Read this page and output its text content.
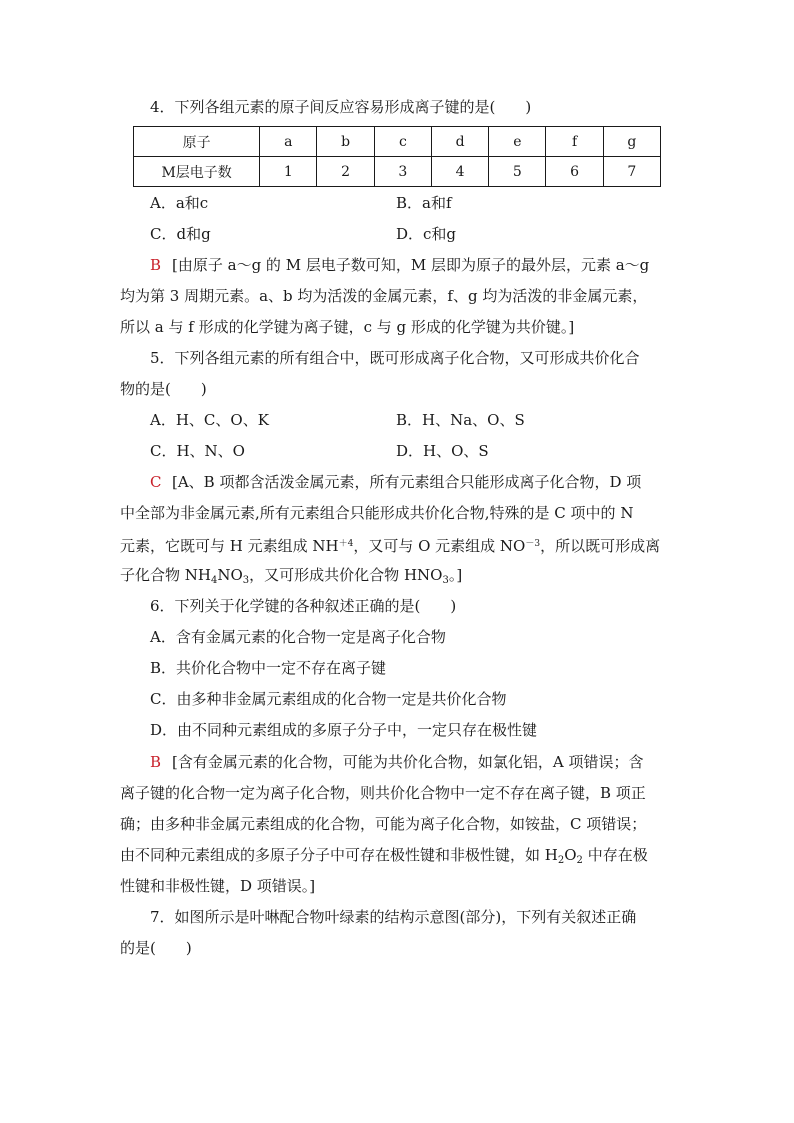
4．下列各组元素的原子间反应容易形成离子键的是(　　)
原子	a	b	c	d	e	f	g
M层电子数	1	2	3	4	5	6	7
A．a和c	B．a和f
C．d和g	D．c和g
B [由原子 a～g 的 M 层电子数可知，M 层即为原子的最外层，元素 a～g
均为第 3 周期元素。a、b 均为活泼的金属元素，f、g 均为活泼的非金属元素，
所以 a 与 f 形成的化学键为离子键，c 与 g 形成的化学键为共价键。]
5．下列各组元素的所有组合中，既可形成离子化合物，又可形成共价化合
物的是(　　)
A．H、C、O、K	B．H、Na、O、S
C．H、N、O	D．H、O、S
C [A、B 项都含活泼金属元素，所有元素组合只能形成离子化合物，D 项
中全部为非金属元素,所有元素组合只能形成共价化合物,特殊的是 C 项中的 N
元素，它既可与 H 元素组成 $NH^{+4}$，又可与 O 元素组成 $NO^{-3}$，所以既可形成离
子化合物 $NH_4NO_3$，又可形成共价化合物 $HNO_3$。]
6．下列关于化学键的各种叙述正确的是(　　)
A．含有金属元素的化合物一定是离子化合物
B．共价化合物中一定不存在离子键
C．由多种非金属元素组成的化合物一定是共价化合物
D．由不同种元素组成的多原子分子中，一定只存在极性键
B [含有金属元素的化合物，可能为共价化合物，如氯化铝，A 项错误；含
离子键的化合物一定为离子化合物，则共价化合物中一定不存在离子键，B 项正
确；由多种非金属元素组成的化合物，可能为离子化合物，如铵盐，C 项错误；
由不同种元素组成的多原子分子中可存在极性键和非极性键，如 $H_2O_2$ 中存在极
性键和非极性键，D 项错误。]
7．如图所示是叶啉配合物叶绿素的结构示意图(部分)，下列有关叙述正确
的是(　　)
